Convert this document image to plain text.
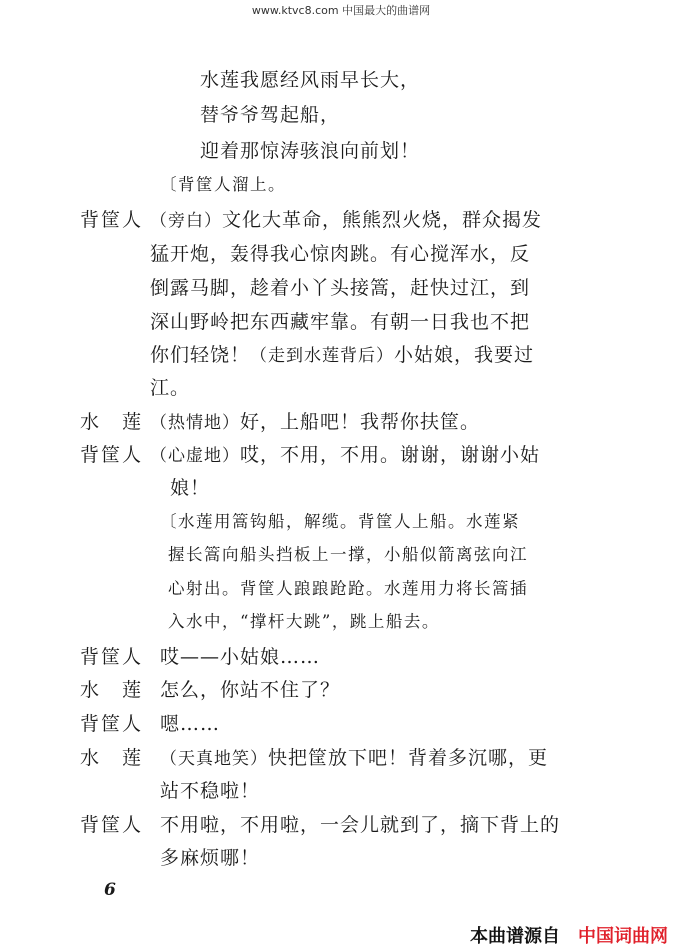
www.ktvc8.com 中国最大的曲谱网
水莲我愿经风雨早长大，
替爷爷驾起船，
迎着那惊涛骇浪向前划！
〔背筐人溜上。
背筐人 （旁白）文化大革命，熊熊烈火烧，群众揭发
猛开炮，轰得我心惊肉跳。有心搅浑水，反
倒露马脚，趁着小丫头接篙，赶快过江，到
深山野岭把东西藏牢靠。有朝一日我也不把
你们轻饶！（走到水莲背后）小姑娘，我要过
江。
水　莲 （热情地）好，上船吧！我帮你扶筐。
背筐人 （心虚地）哎，不用，不用。谢谢，谢谢小姑
娘！
〔水莲用篙钩船，解缆。背筐人上船。水莲紧
握长篙向船头挡板上一撑，小船似箭离弦向江
心射出。背筐人踉踉跄跄。水莲用力将长篙插
入水中，“撑杆大跳”，跳上船去。
背筐人 哎——小姑娘……
水　莲 怎么，你站不住了？
背筐人 嗯……
水　莲 （天真地笑）快把筐放下吧！背着多沉哪，更
站不稳啦！
背筐人 不用啦，不用啦，一会儿就到了，摘下背上的
多麻烦哪！
6
本曲谱源自 中国词曲网
